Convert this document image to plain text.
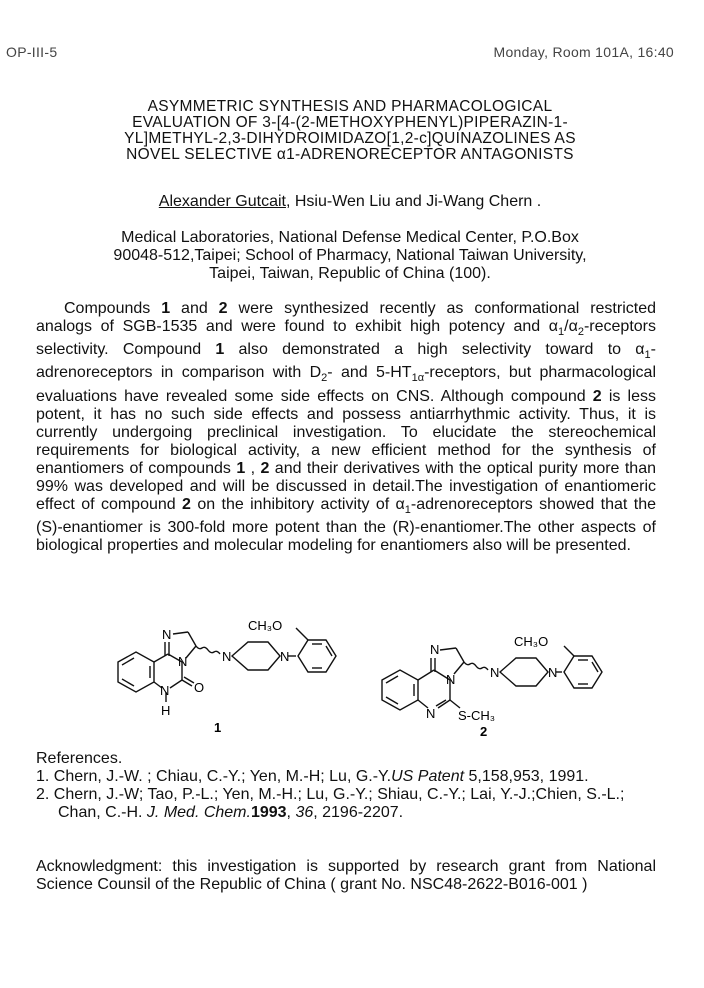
OP-III-5	Monday, Room 101A, 16:40
ASYMMETRIC SYNTHESIS AND PHARMACOLOGICAL
EVALUATION OF 3-[4-(2-METHOXYPHENYL)PIPERAZIN-1-
YL]METHYL-2,3-DIHYDROIMIDAZO[1,2-c]QUINAZOLINES AS
NOVEL SELECTIVE α1-ADRENORECEPTOR ANTAGONISTS
Alexander Gutcait, Hsiu-Wen Liu and Ji-Wang Chern .
Medical Laboratories, National Defense Medical Center, P.O.Box
90048-512,Taipei; School of Pharmacy, National Taiwan University,
Taipei, Taiwan, Republic of China (100).
Compounds 1 and 2 were synthesized recently as conformational restricted analogs of SGB-1535 and were found to exhibit high potency and $\alpha_1/\alpha_2$-receptors selectivity. Compound 1 also demonstrated a high selectivity toward to $\alpha_1$-adrenoreceptors in comparison with $D_2-$ and $5-HT_{1\alpha}$-receptors, but pharmacological evaluations have revealed some side effects on CNS. Although compound 2 is less potent, it has no such side effects and possess antiarrhythmic activity. Thus, it is currently undergoing preclinical investigation. To elucidate the stereochemical requirements for biological activity, a new efficient method for the synthesis of enantiomers of compounds 1 , 2 and their derivatives with the optical purity more than 99% was developed and will be discussed in detail.The investigation of enantiomeric effect of compound 2 on the inhibitory activity of $\alpha_1$-adrenoreceptors showed that the (S)-enantiomer is 300-fold more potent than the (R)-enantiomer.The other aspects of biological properties and molecular modeling for enantiomers also will be presented.
CH₃O
N
N
N O
H
N	N
1
CH₃O
N
N
N S-CH₃
N	N
2
References.
1. Chern, J.-W. ; Chiau, C.-Y.; Yen, M.-H; Lu, G.-Y.US Patent 5,158,953, 1991.
2. Chern, J.-W; Tao, P.-L.; Yen, M.-H.; Lu, G.-Y.; Shiau, C.-Y.; Lai, Y.-J.;Chien, S.-L.; Chan, C.-H. J. Med. Chem.1993, 36, 2196-2207.
Acknowledgment: this investigation is supported by research grant from National Science Counsil of the Republic of China ( grant No. NSC48-2622-B016-001 )
